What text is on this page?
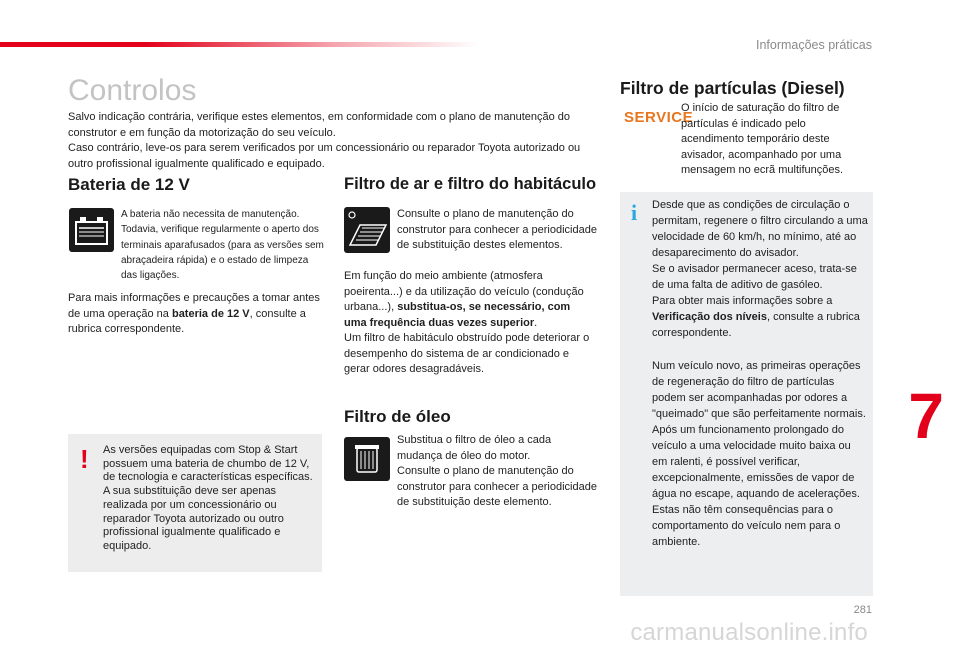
Informações práticas
7
281
carmanualsonline.info
Controlos

Salvo indicação contrária, verifique estes elementos, em conformidade com o plano de manutenção do construtor e em função da motorização do seu veículo.

Caso contrário, leve-os para serem verificados por um concessionário ou reparador Toyota autorizado ou outro profissional igualmente qualificado e equipado.

Bateria de 12 V
A bateria não necessita de manutenção. Todavia, verifique regularmente o aperto dos terminais aparafusados (para as versões sem abraçadeira rápida) e o estado de limpeza das ligações.
Para mais informações e precauções a tomar antes de uma operação na bateria de 12 V, consulte a rubrica correspondente.
! As versões equipadas com Stop & Start possuem uma bateria de chumbo de 12 V, de tecnologia e características específicas.

A sua substituição deve ser apenas realizada por um concessionário ou reparador Toyota autorizado ou outro profissional igualmente qualificado e equipado.

Filtro de ar e filtro do habitáculo
Consulte o plano de manutenção do construtor para conhecer a periodicidade de substituição destes elementos.

Em função do meio ambiente (atmosfera poeirenta...) e da utilização do veículo (condução urbana...), substitua-os, se necessário, com uma frequência duas vezes superior.

Um filtro de habitáculo obstruído pode deteriorar o desempenho do sistema de ar condicionado e gerar odores desagradáveis.

Filtro de óleo

Substitua o filtro de óleo a cada mudança de óleo do motor.

Consulte o plano de manutenção do construtor para conhecer a periodicidade de substituição deste elemento.

Filtro de partículas (Diesel)
SERVICE
O início de saturação do filtro de partículas é indicado pelo acendimento temporário deste avisador, acompanhado por uma mensagem no ecrã multifunções.
i Desde que as condições de circulação o permitam, regenere o filtro circulando a uma velocidade de 60 km/h, no mínimo, até ao desaparecimento do avisador.

Se o avisador permanecer aceso, trata-se de uma falta de aditivo de gasóleo.

Para obter mais informações sobre a Verificação dos níveis, consulte a rubrica correspondente.

Num veículo novo, as primeiras operações de regeneração do filtro de partículas podem ser acompanhadas por odores a "queimado" que são perfeitamente normais.

Após um funcionamento prolongado do veículo a uma velocidade muito baixa ou em ralenti, é possível verificar, excepcionalmente, emissões de vapor de água no escape, aquando de acelerações. Estas não têm consequências para o comportamento do veículo nem para o ambiente.
